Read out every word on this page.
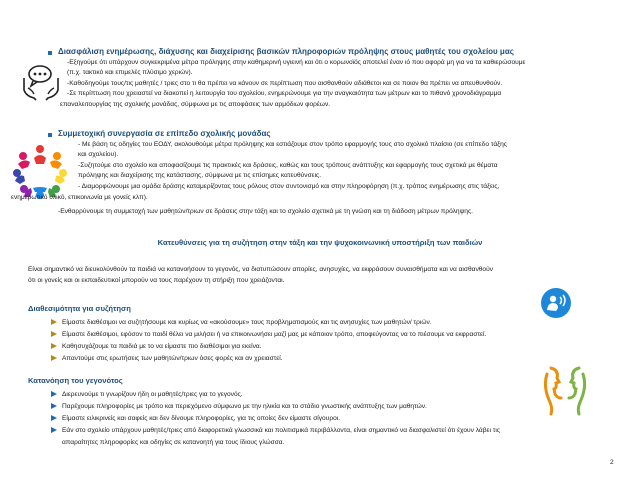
Διασφάλιση ενημέρωσης, διάχυσης και διαχείρισης βασικών πληροφοριών πρόληψης στους μαθητές του σχολείου μας
-Εξηγούμε ότι υπάρχουν συγκεκριμένα μέτρα πρόληψης στην καθημερινή υγιεινή και ότι ο κορωνοϊός αποτελεί έναν ιό που αφορά μη για να τα καθιερώσουμε
(π.χ. τακτικό και επιμελές πλύσιμο χεριών).
-Καθοδηγούμε τους/τις μαθητές / τριες στο τι θα πρέπει να κάνουν σε περίπτωση που αισθανθούν αδιάθετοι και σε ποιον θα πρέπει να απευθυνθούν.
-Σε περίπτωση που χρειαστεί να διακοπεί η λειτουργία του σχολείου, ενημερώνουμε για την αναγκαιότητα των μέτρων και το πιθανό χρονοδιάγραμμα
επαναλειτουργίας της σχολικής μονάδας, σύμφωνα με τις αποφάσεις των αρμόδιων φορέων.
Συμμετοχική συνεργασία σε επίπεδο σχολικής μονάδας
- Με βάση τις οδηγίες του ΕΟΔΥ, ακολουθούμε μέτρα πρόληψης και εστιάζουμε στον τρόπο εφαρμογής τους στο σχολικό πλαίσιο (σε επίπεδο τάξης
και σχολείου).
-Συζητούμε στο σχολείο και αποφασίζουμε τις πρακτικές και δράσεις, καθώς και τους τρόπους ανάπτυξης και εφαρμογής τους σχετικά με θέματα
πρόληψης και διαχείρισης της κατάστασης, σύμφωνα με τις επίσημες κατευθύνσεις.
- Διαμορφώνουμε μια ομάδα δράσης καταμερίζοντας τους ρόλους στον συντονισμό και στην πληροφόρηση (π.χ. τρόπος ενημέρωσης στις τάξεις,
ενημερωτικό υλικό, επικοινωνία με γονείς κλπ).
-Ενθαρρύνουμε τη συμμετοχή των μαθητών/τριων σε δράσεις στην τάξη και το σχολείο σχετικά με τη γνώση και τη διάδοση μέτρων πρόληψης.
Κατευθύνσεις για τη συζήτηση στην τάξη και την ψυχοκοινωνική υποστήριξη των παιδιών
Είναι σημαντικό να διευκολύνθούν τα παιδιά να κατανοήσουν το γεγονός, να διατυπώσουν απορίες, ανησυχίες, να εκφράσουν συναισθήματα και να αισθανθούν
ότι οι γονείς και οι εκπαιδευτικοί μπορούν να τους παρέχουν τη στήριξη που χρειάζονται.
Διαθεσιμότητα για συζήτηση
Είμαστε διαθέσιμοι να συζητήσουμε και κυρίως να «ακούσουμε» τους προβληματισμούς και τις ανησυχίες των μαθητών/ τριών.
Είμαστε διαθέσιμοι, εφόσον το παιδί θέλει να μιλήσει ή να επικοινωνήσει μαζί μας με κάποιον τρόπο, αποφεύγοντας να το πιέσουμε να εκφραστεί.
Καθησυχάζουμε τα παιδιά με το να είμαστε πιο διαθέσιμοι για εκείνα.
Απαντούμε στις ερωτήσεις των μαθητών/τριων όσες φορές και αν χρειαστεί.
Κατανόηση του γεγονότος
Διερευνούμε τι γνωρίζουν ήδη οι μαθητές/τριες για το γεγονός.
Παρέχουμε πληροφορίες με τρόπο και περιεχόμενο σύμφωνο με την ηλικία και το στάδιο γνωστικής ανάπτυξης των μαθητών.
Είμαστε ειλικρινείς και σαφείς και δεν δίνουμε πληροφορίες, για τις οποίες δεν είμαστε σίγουροι.
Εάν στο σχολείο υπάρχουν μαθητές/τριες από διαφορετικά γλωσσικά και πολιτισμικά περιβάλλοντα, είναι σημαντικό να διασφαλιστεί ότι έχουν λάβει τις
απαραίτητες πληροφορίες και οδηγίες σε κατανοητή για τους ίδιους γλώσσα.
2
